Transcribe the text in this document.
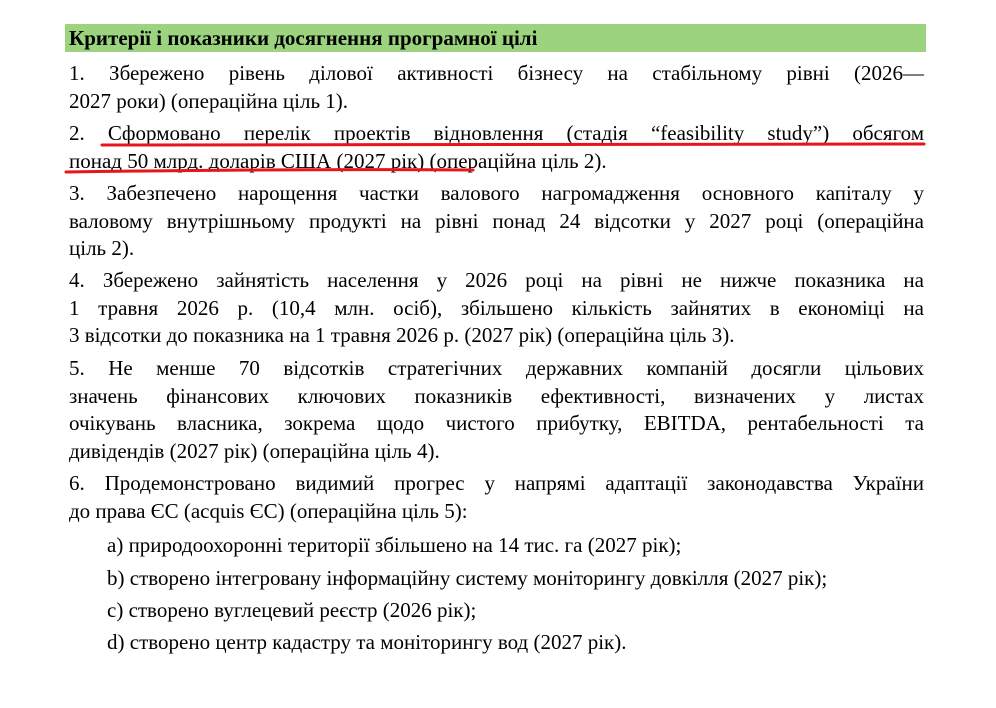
Критерії і показники досягнення програмної цілі
1. Збережено рівень ділової активності бізнесу на стабільному рівні (2026—
2027 роки) (операційна ціль 1).
2. Сформовано перелік проектів відновлення (стадія “feasibility study”) обсягом
понад 50 млрд. доларів США (2027 рік) (операційна ціль 2).
3. Забезпечено нарощення частки валового нагромадження основного капіталу у
валовому внутрішньому продукті на рівні понад 24 відсотки у 2027 році (операційна
ціль 2).
4. Збережено зайнятість населення у 2026 році на рівні не нижче показника на
1 травня 2026 р. (10,4 млн. осіб), збільшено кількість зайнятих в економіці на
3 відсотки до показника на 1 травня 2026 р. (2027 рік) (операційна ціль 3).
5. Не менше 70 відсотків стратегічних державних компаній досягли цільових
значень фінансових ключових показників ефективності, визначених у листах
очікувань власника, зокрема щодо чистого прибутку, EBITDA, рентабельності та
дивідендів (2027 рік) (операційна ціль 4).
6. Продемонстровано видимий прогрес у напрямі адаптації законодавства України
до права ЄС (acquis ЄС) (операційна ціль 5):
a) природоохоронні території збільшено на 14 тис. га (2027 рік);
b) створено інтегровану інформаційну систему моніторингу довкілля (2027 рік);
c) створено вуглецевий реєстр (2026 рік);
d) створено центр кадастру та моніторингу вод (2027 рік).
